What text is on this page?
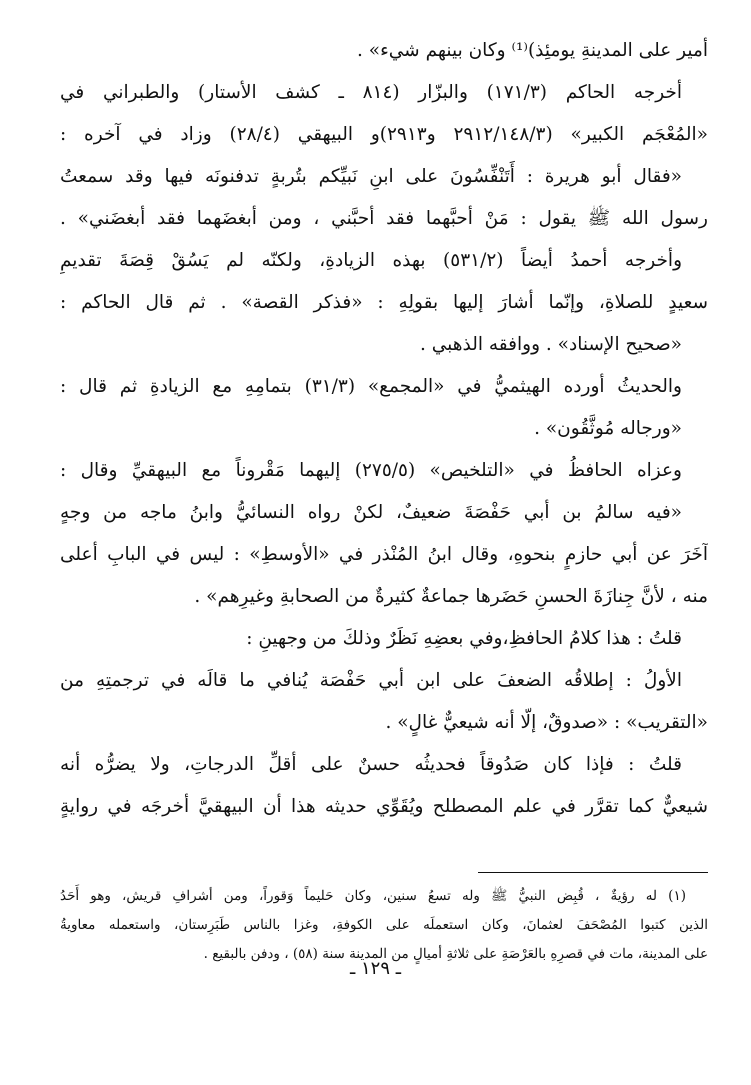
أمير على المدينةِ يومئِذ)⁽¹⁾ وكان بينهم شيء» .
أخرجه الحاكم (١٧١/٣) والبزّار (٨١٤ ـ كشف الأستار) والطبراني في
«المُعْجَم الكبير» (٢٩١٢/١٤٨/٣ و٢٩١٣)و البيهقي (٢٨/٤) وزاد في آخره :
«فقال أبو هريرة : أَتَنْفِّسُونَ على ابنِ نَبيِّكم بتُربةٍ تدفنونَه فيها وقد سمعتُ
رسول الله ﷺ يقول : مَنْ أحبَّهما فقد أحبَّني ، ومن أبغضَهما فقد أبغضَني» .
وأخرجه أحمدُ أيضاً (٥٣١/٢) بهذه الزيادةِ، ولكنّه لم يَسُقْ قِصَةَ تقديمِ
سعيدٍ للصلاةِ، وإنّما أشارَ إليها بقولِهِ : «فذكر القصة» . ثم قال الحاكم :
«صحيح الإسناد» . ووافقه الذهبي .
والحديثُ أورده الهيثميُّ في «المجمع» (٣١/٣) بتمامِهِ مع الزيادةِ ثم قال :
«ورجاله مُوثَّقُون» .
وعزاه الحافظُ في «التلخيص» (٢٧٥/٥) إليهما مَقْروناً مع البيهقيِّ وقال :
«فيه سالمُ بن أبي حَفْصَةَ ضعيفٌ، لكنْ رواه النسائيُّ وابنُ ماجه من وجهٍ
آخَرَ عن أبي حازمٍ بنحوهِ، وقال ابنُ المُنْذر في «الأوسطِ» : ليس في البابِ أعلى
منه ، لأنَّ جِنازَةَ الحسنِ حَضَرها جماعةٌ كثيرةٌ من الصحابةِ وغيرِهم» .
قلتُ : هذا كلامُ الحافظِ،وفي بعضِهِ نَظَرٌ وذلكَ من وجهينِ :
الأولُ : إطلاقُه الضعفَ على ابن أبي حَفْصَة يُنافي ما قالَه في ترجمتِهِ من
«التقريب» : «صدوقٌ، إلّا أنه شيعيٌّ غالٍ» .
قلتُ : فإذا كان صَدُوقاً فحديثُه حسنٌ على أقلِّ الدرجاتِ، ولا يضرُّه أنه
شيعيٌّ كما تقرَّر في علم المصطلح ويُقَوِّي حديثه هذا أن البيهقيَّ أخرجَه في روايةٍ
(١) له رؤيةٌ ، قُبِض النبيُّ ﷺ وله تسعُ سنين، وكان حَليماً وَقوراً، ومن أشرافِ قريش، وهو أَحَدُ
الذين كتبوا المُصْحَفَ لعثمانَ، وكان استعملَه على الكوفةِ، وغزا بالناس طَبَرِستان، واستعمله معاويةُ
على المدينة، مات في قصرِهِ بالعَرْصَةِ على ثلاثةِ أميالٍ من المدينة سنة (٥٨) ، ودفن بالبقيع .
ـ ١٢٩ ـ
